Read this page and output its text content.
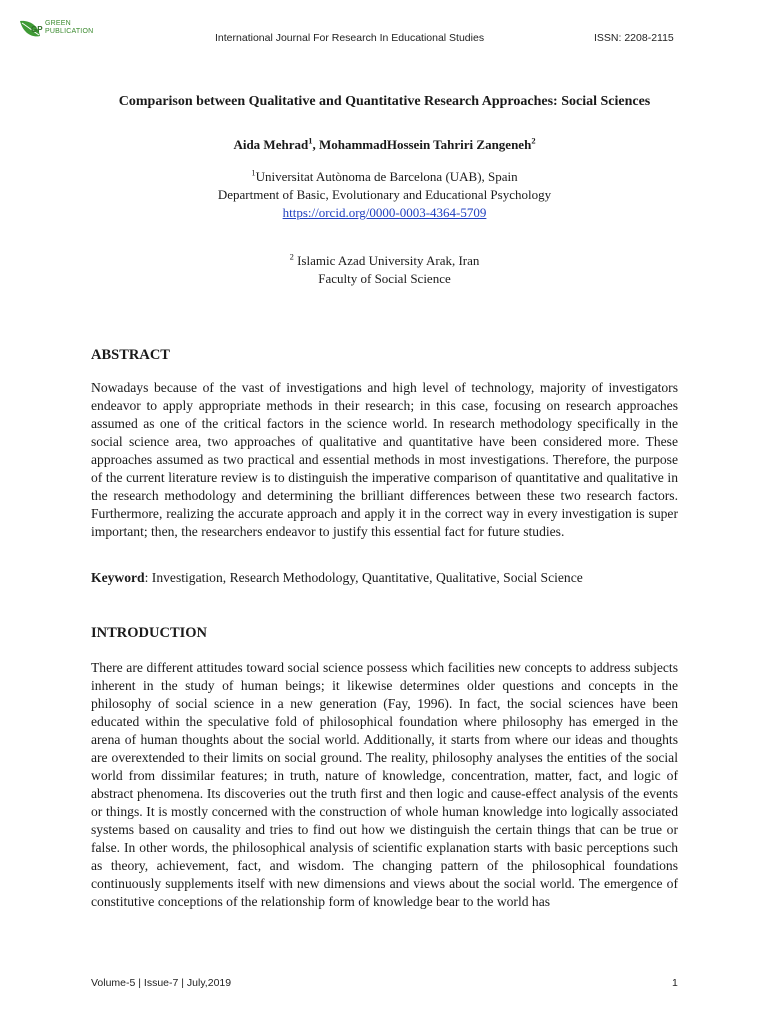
GP
GREEN
PUBLICATION
International Journal For Research In Educational Studies	ISSN: 2208-2115
Comparison between Qualitative and Quantitative Research Approaches: Social Sciences
Aida Mehrad$^1$, MohammadHossein Tahriri Zangeneh$^2$
$^1$Universitat Autònoma de Barcelona (UAB), Spain
Department of Basic, Evolutionary and Educational Psychology
https://orcid.org/0000-0003-4364-5709
$^2$ Islamic Azad University Arak, Iran
Faculty of Social Science
ABSTRACT
Nowadays because of the vast of investigations and high level of technology, majority of investigators endeavor to apply appropriate methods in their research; in this case, focusing on research approaches assumed as one of the critical factors in the science world. In research methodology specifically in the social science area, two approaches of qualitative and quantitative have been considered more. These approaches assumed as two practical and essential methods in most investigations. Therefore, the purpose of the current literature review is to distinguish the imperative comparison of quantitative and qualitative in the research methodology and determining the brilliant differences between these two research factors. Furthermore, realizing the accurate approach and apply it in the correct way in every investigation is super important; then, the researchers endeavor to justify this essential fact for future studies.
Keyword: Investigation, Research Methodology, Quantitative, Qualitative, Social Science
INTRODUCTION
There are different attitudes toward social science possess which facilities new concepts to address subjects inherent in the study of human beings; it likewise determines older questions and concepts in the philosophy of social science in a new generation (Fay, 1996). In fact, the social sciences have been educated within the speculative fold of philosophical foundation where philosophy has emerged in the arena of human thoughts about the social world. Additionally, it starts from where our ideas and thoughts are overextended to their limits on social ground. The reality, philosophy analyses the entities of the social world from dissimilar features; in truth, nature of knowledge, concentration, matter, fact, and logic of abstract phenomena. Its discoveries out the truth first and then logic and cause-effect analysis of the events or things. It is mostly concerned with the construction of whole human knowledge into logically associated systems based on causality and tries to find out how we distinguish the certain things that can be true or false. In other words, the philosophical analysis of scientific explanation starts with basic perceptions such as theory, achievement, fact, and wisdom. The changing pattern of the philosophical foundations continuously supplements itself with new dimensions and views about the social world. The emergence of constitutive conceptions of the relationship form of knowledge bear to the world has
Volume-5 | Issue-7 | July,2019	1
